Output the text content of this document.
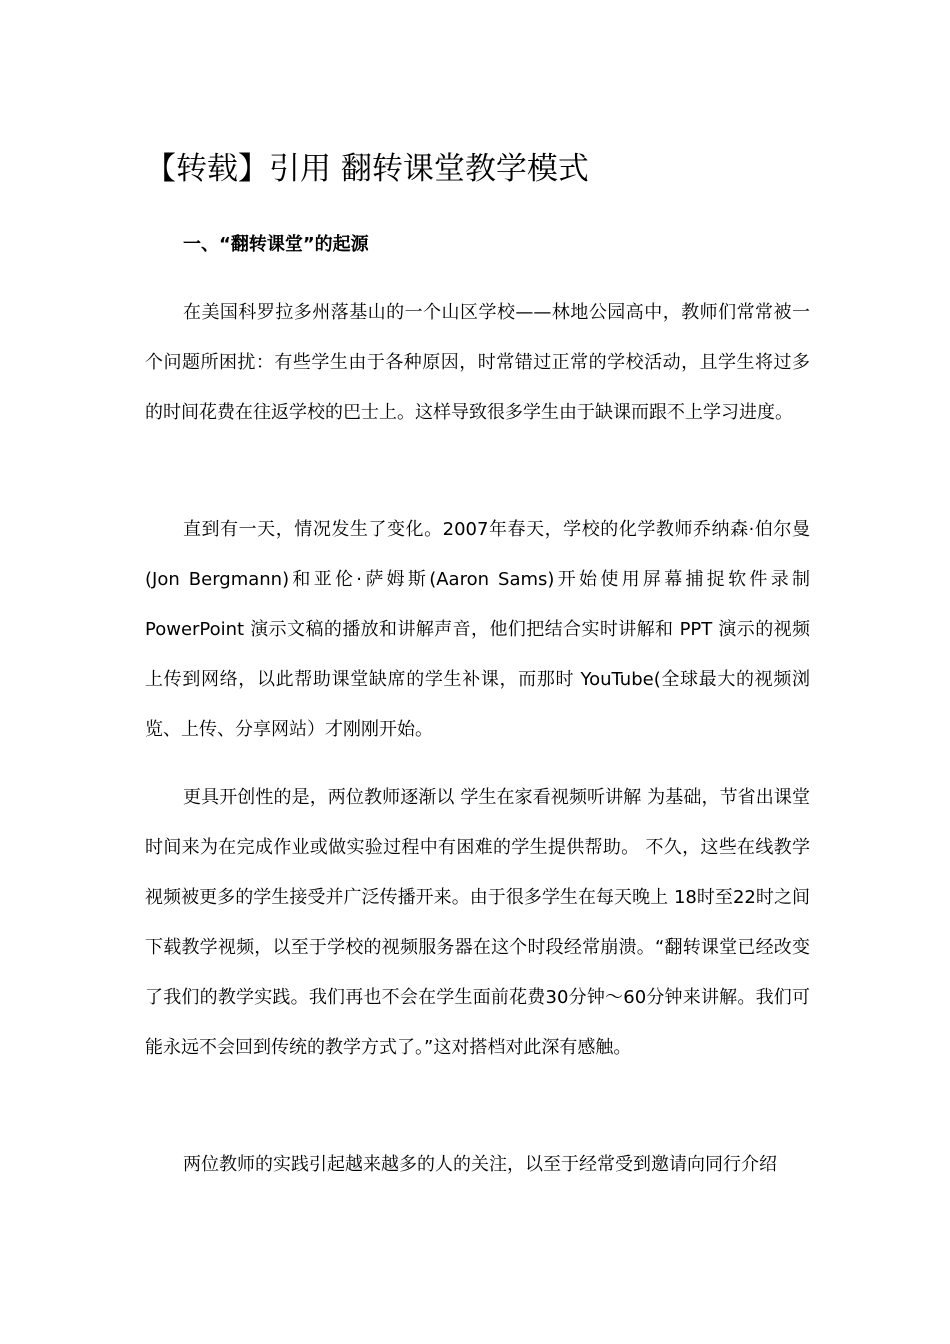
【转载】引用 翻转课堂教学模式
一、“翻转课堂”的起源

在美国科罗拉多州落基山的一个山区学校——林地公园高中，教师们常常被一个问题所困扰：有些学生由于各种原因，时常错过正常的学校活动，且学生将过多的时间花费在往返学校的巴士上。这样导致很多学生由于缺课而跟不上学习进度。

直到有一天，情况发生了变化。2007年春天，学校的化学教师乔纳森·伯尔曼(Jon Bergmann)和亚伦·萨姆斯(Aaron Sams)开始使用屏幕捕捉软件录制PowerPoint 演示文稿的播放和讲解声音，他们把结合实时讲解和 PPT 演示的视频上传到网络，以此帮助课堂缺席的学生补课，而那时 YouTube(全球最大的视频浏览、上传、分享网站）才刚刚开始。

更具开创性的是，两位教师逐渐以 学生在家看视频听讲解 为基础，节省出课堂时间来为在完成作业或做实验过程中有困难的学生提供帮助。 不久，这些在线教学视频被更多的学生接受并广泛传播开来。由于很多学生在每天晚上 18时至22时之间下载教学视频，以至于学校的视频服务器在这个时段经常崩溃。“翻转课堂已经改变了我们的教学实践。我们再也不会在学生面前花费30分钟～60分钟来讲解。我们可能永远不会回到传统的教学方式了。”这对搭档对此深有感触。

两位教师的实践引起越来越多的人的关注，以至于经常受到邀请向同行介绍
